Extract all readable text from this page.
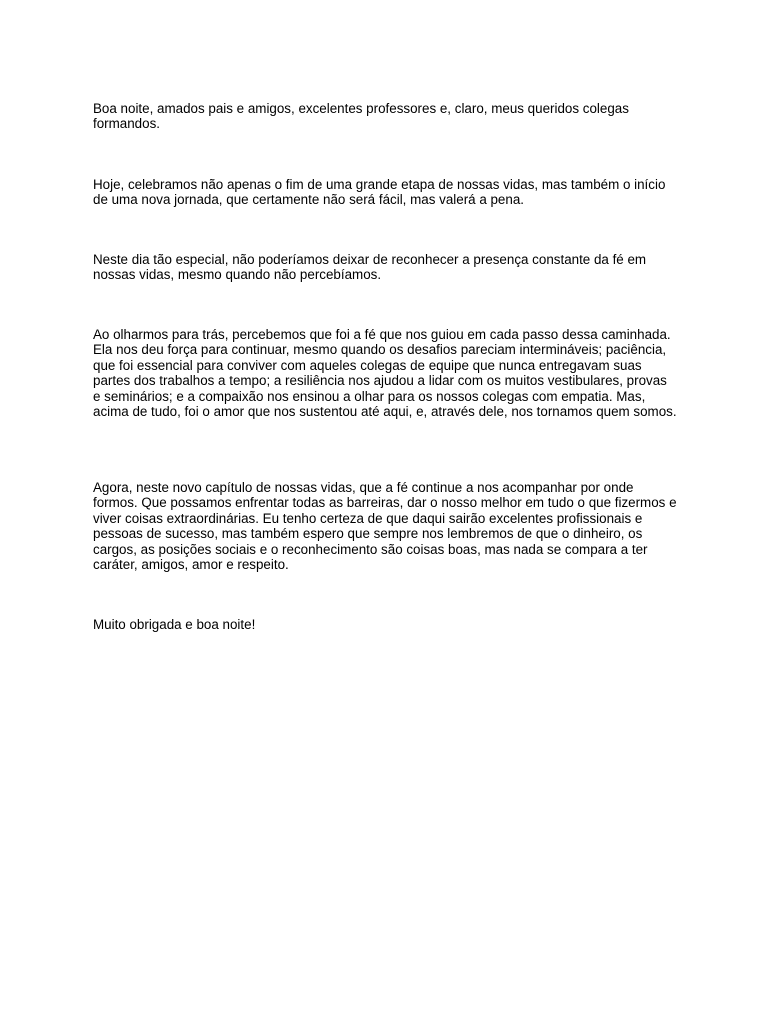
Boa noite, amados pais e amigos, excelentes professores e, claro, meus queridos colegas formandos.

Hoje, celebramos não apenas o fim de uma grande etapa de nossas vidas, mas também o início de uma nova jornada, que certamente não será fácil, mas valerá a pena.

Neste dia tão especial, não poderíamos deixar de reconhecer a presença constante da fé em nossas vidas, mesmo quando não percebíamos.

Ao olharmos para trás, percebemos que foi a fé que nos guiou em cada passo dessa caminhada. Ela nos deu força para continuar, mesmo quando os desafios pareciam intermináveis; paciência, que foi essencial para conviver com aqueles colegas de equipe que nunca entregavam suas partes dos trabalhos a tempo; a resiliência nos ajudou a lidar com os muitos vestibulares, provas e seminários; e a compaixão nos ensinou a olhar para os nossos colegas com empatia. Mas, acima de tudo, foi o amor que nos sustentou até aqui, e, através dele, nos tornamos quem somos.

Agora, neste novo capítulo de nossas vidas, que a fé continue a nos acompanhar por onde formos. Que possamos enfrentar todas as barreiras, dar o nosso melhor em tudo o que fizermos e viver coisas extraordinárias. Eu tenho certeza de que daqui sairão excelentes profissionais e pessoas de sucesso, mas também espero que sempre nos lembremos de que o dinheiro, os cargos, as posições sociais e o reconhecimento são coisas boas, mas nada se compara a ter caráter, amigos, amor e respeito.

Muito obrigada e boa noite!
